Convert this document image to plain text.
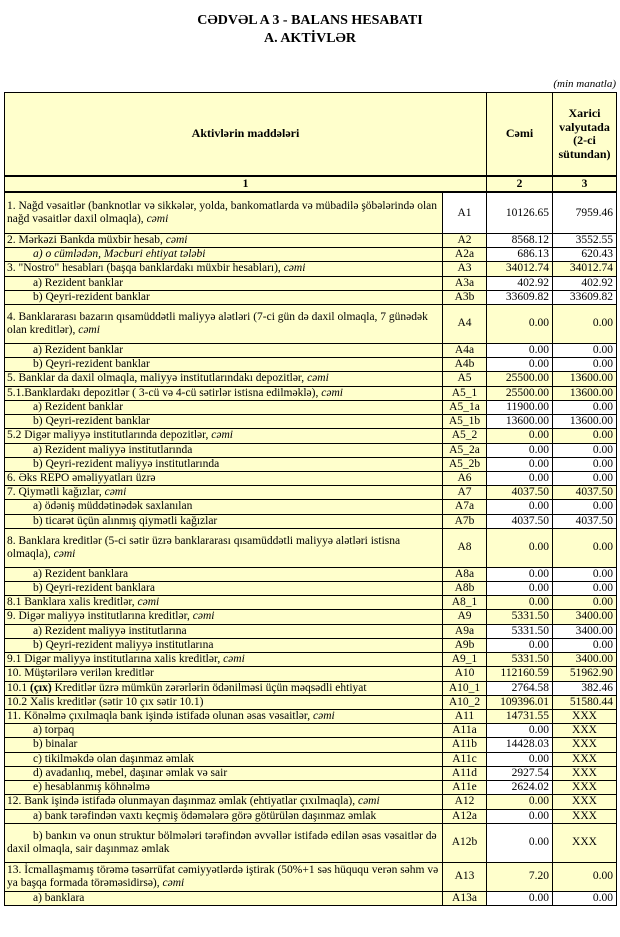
CƏDVƏL A 3 - BALANS HESABATI
A. AKTİVLƏR
(min manatla)
Aktivlərin maddələri		Cəmi	Xarici valyutada (2-ci sütundan)
1		2	3
1. Nağd vəsaitlər (banknotlar və sikkələr, yolda, bankomatlarda və mübadilə şöbələrində olan nağd vəsaitlər daxil olmaqla), cəmi	A1	10126.65	7959.46
2. Mərkəzi Bankda müxbir hesab, cəmi	A2	8568.12	3552.55
a) o cümlədən, Məcburi ehtiyat tələbi	A2a	686.13	620.43
3. "Nostro" hesabları (başqa banklardakı müxbir hesabları), cəmi	A3	34012.74	34012.74
a) Rezident banklar	A3a	402.92	402.92
b) Qeyri-rezident banklar	A3b	33609.82	33609.82
4. Banklararası bazarın qısamüddətli maliyyə alətləri (7-ci gün də daxil olmaqla, 7 günədək olan kreditlər), cəmi	A4	0.00	0.00
a) Rezident banklar	A4a	0.00	0.00
b) Qeyri-rezident banklar	A4b	0.00	0.00
5. Banklar da daxil olmaqla, maliyyə institutlarındakı depozitlər, cəmi	A5	25500.00	13600.00
5.1.Banklardakı depozitlər ( 3-cü və 4-cü sətirlər istisna edilməklə), cəmi	A5_1	25500.00	13600.00
a) Rezident banklar	A5_1a	11900.00	0.00
b) Qeyri-rezident banklar	A5_1b	13600.00	13600.00
5.2 Digər maliyyə institutlarında depozitlər, cəmi	A5_2	0.00	0.00
a) Rezident maliyyə institutlarında	A5_2a	0.00	0.00
b) Qeyri-rezident maliyyə institutlarında	A5_2b	0.00	0.00
6. Əks REPO əməliyyatları üzrə	A6	0.00	0.00
7. Qiymətli kağızlar, cəmi	A7	4037.50	4037.50
a) ödəniş müddətinədək saxlanılan	A7a	0.00	0.00
b) ticarət üçün alınmış qiymətli kağızlar	A7b	4037.50	4037.50
8. Banklara kreditlər (5-ci sətir üzrə banklararası qısamüddətli maliyyə alətləri istisna olmaqla), cəmi	A8	0.00	0.00
a) Rezident banklara	A8a	0.00	0.00
b) Qeyri-rezident banklara	A8b	0.00	0.00
8.1 Banklara xalis kreditlər, cəmi	A8_1	0.00	0.00
9. Digər maliyyə institutlarına kreditlər, cəmi	A9	5331.50	3400.00
a) Rezident maliyyə institutlarına	A9a	5331.50	3400.00
b) Qeyri-rezident maliyyə institutlarına	A9b	0.00	0.00
9.1 Digər maliyyə institutlarına xalis kreditlər, cəmi	A9_1	5331.50	3400.00
10. Müştərilərə verilən kreditlər	A10	112160.59	51962.90
10.1 (çıx) Kreditlər üzrə mümkün zərərlərin ödənilməsi üçün məqsədli ehtiyat	A10_1	2764.58	382.46
10.2 Xalis kreditlər (sətir 10 çıx sətir 10.1)	A10_2	109396.01	51580.44
11. Könəlmə çıxılmaqla bank işində istifadə olunan əsas vəsaitlər, cəmi	A11	14731.55	XXX
a) torpaq	A11a	0.00	XXX
b) binalar	A11b	14428.03	XXX
c) tikilməkdə olan daşınmaz əmlak	A11c	0.00	XXX
d) avadanlıq, mebel, daşınar əmlak və sair	A11d	2927.54	XXX
e) hesablanmış köhnəlmə	A11e	2624.02	XXX
12. Bank işində istifadə olunmayan daşınmaz əmlak (ehtiyatlar çıxılmaqla), cəmi	A12	0.00	XXX
a) bank tərəfindən vaxtı keçmiş ödəmələrə görə götürülən daşınmaz əmlak	A12a	0.00	XXX
b) bankın və onun struktur bölmələri tərəfindən əvvəllər istifadə edilən əsas vəsaitlər də daxil olmaqla, sair daşınmaz əmlak	A12b	0.00	XXX
13. İcmallaşmamış törəmə təsərrüfat cəmiyyətlərdə iştirak (50%+1 səs hüququ verən səhm və ya başqa formada törəməsidirsə), cəmi	A13	7.20	0.00
a) banklara	A13a	0.00	0.00
